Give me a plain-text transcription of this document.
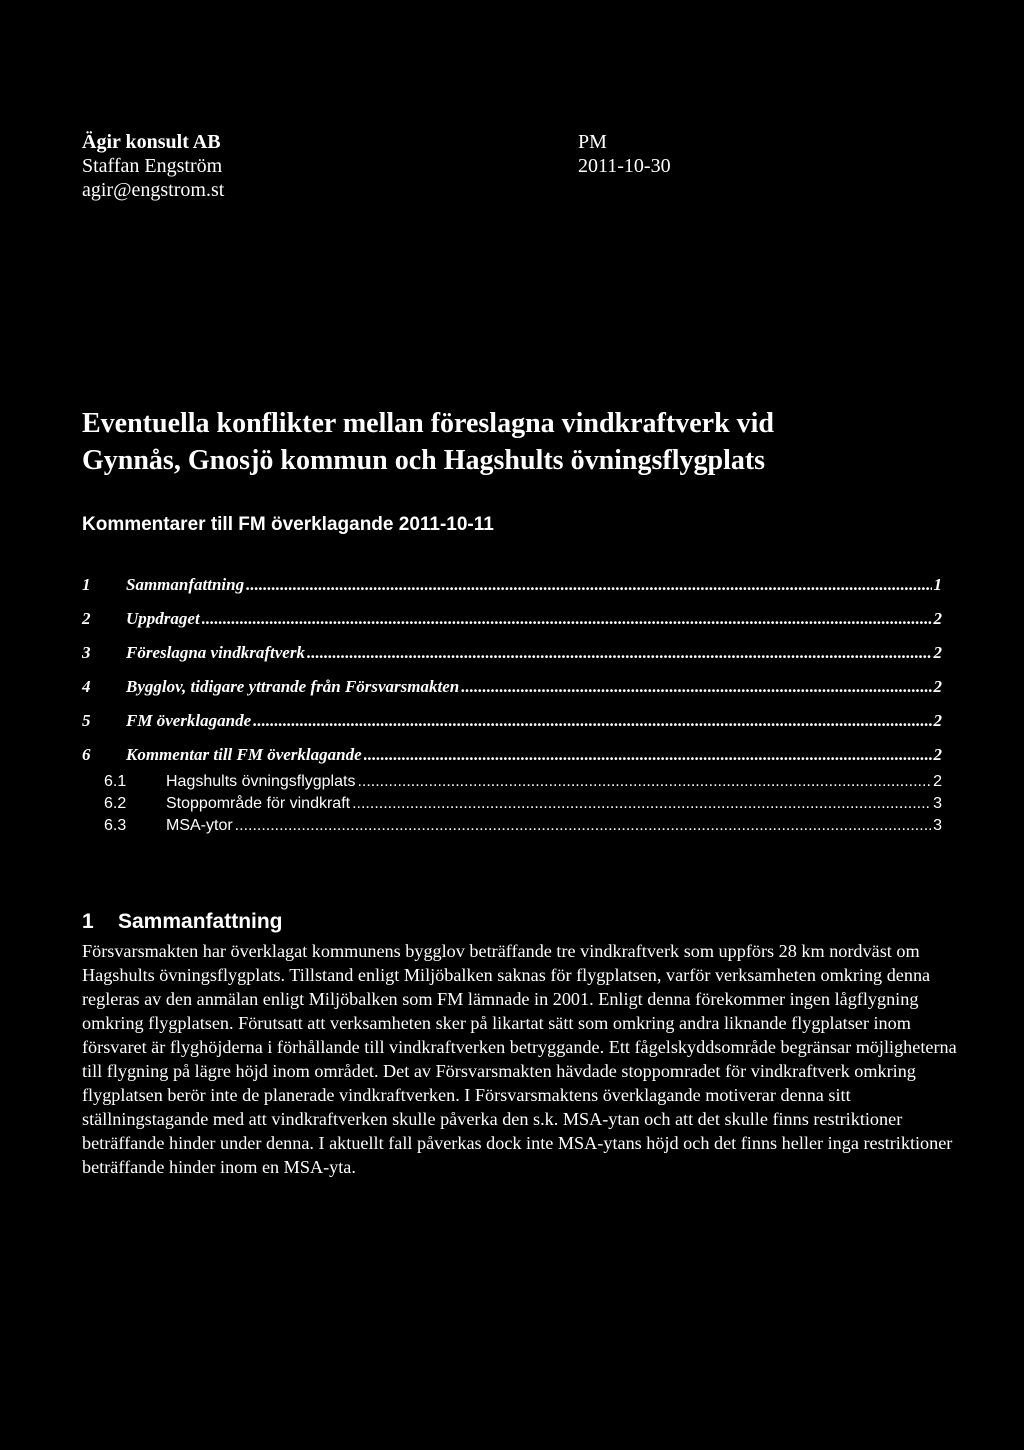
Ägir konsult AB
Staffan Engström
agir@engstrom.st
PM
2011-10-30
Eventuella konflikter mellan föreslagna vindkraftverk vid
Gynnås, Gnosjö kommun och Hagshults övningsflygplats
Kommentarer till FM överklagande 2011-10-11
1	Sammanfattning .....	1
2	Uppdraget .....	2
3	Föreslagna vindkraftverk .....	2
4	Bygglov, tidigare yttrande från Försvarsmakten .....	2
5	FM överklagande .....	2
6	Kommentar till FM överklagande .....	2
6.1	Hagshults övningsflygplats .....	2
6.2	Stoppområde för vindkraft .....	3
6.3	MSA-ytor .....	3
1	Sammanfattning

Försvarsmakten har överklagat kommunens bygglov beträffande tre vindkraftverk som uppförs 28 km nordväst om Hagshults övningsflygplats. Tillstand enligt Miljöbalken saknas för flygplatsen, varför verksamheten omkring denna regleras av den anmälan enligt Miljöbalken som FM lämnade in 2001. Enligt denna förekommer ingen lågflygning omkring flygplatsen. Förutsatt att verksamheten sker på likartat sätt som omkring andra liknande flygplatser inom försvaret är flyghöjderna i förhållande till vindkraftverken betryggande. Ett fågelskyddsområde begränsar möjligheterna till flygning på lägre höjd inom området. Det av Försvarsmakten hävdade stoppomradet för vindkraftverk omkring flygplatsen berör inte de planerade vindkraftverken. I Försvarsmaktens överklagande motiverar denna sitt ställningstagande med att vindkraftverken skulle påverka den s.k. MSA-ytan och att det skulle finns restriktioner beträffande hinder under denna. I aktuellt fall påverkas dock inte MSA-ytans höjd och det finns heller inga restriktioner beträffande hinder inom en MSA-yta.
